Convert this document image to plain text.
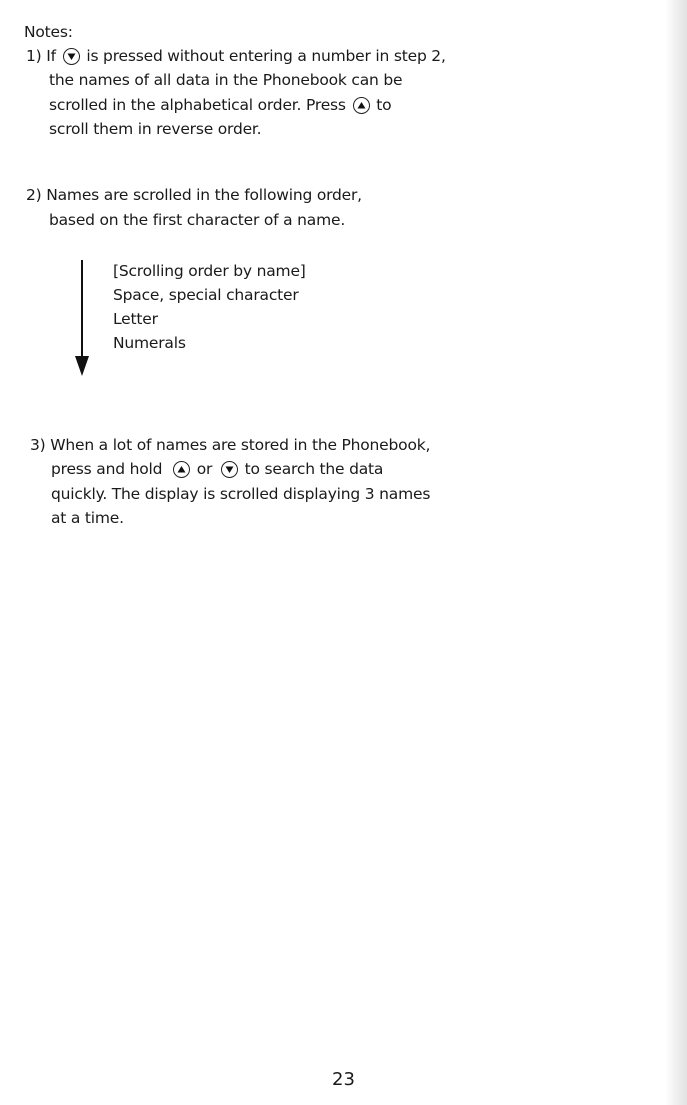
Notes:
1) If is pressed without entering a number in step 2,
the names of all data in the Phonebook can be
scrolled in the alphabetical order. Press to
scroll them in reverse order.
2) Names are scrolled in the following order,
based on the first character of a name.
[Scrolling order by name]
Space, special character
Letter
Numerals
3) When a lot of names are stored in the Phonebook,
press and hold or to search the data
quickly. The display is scrolled displaying 3 names
at a time.
23
